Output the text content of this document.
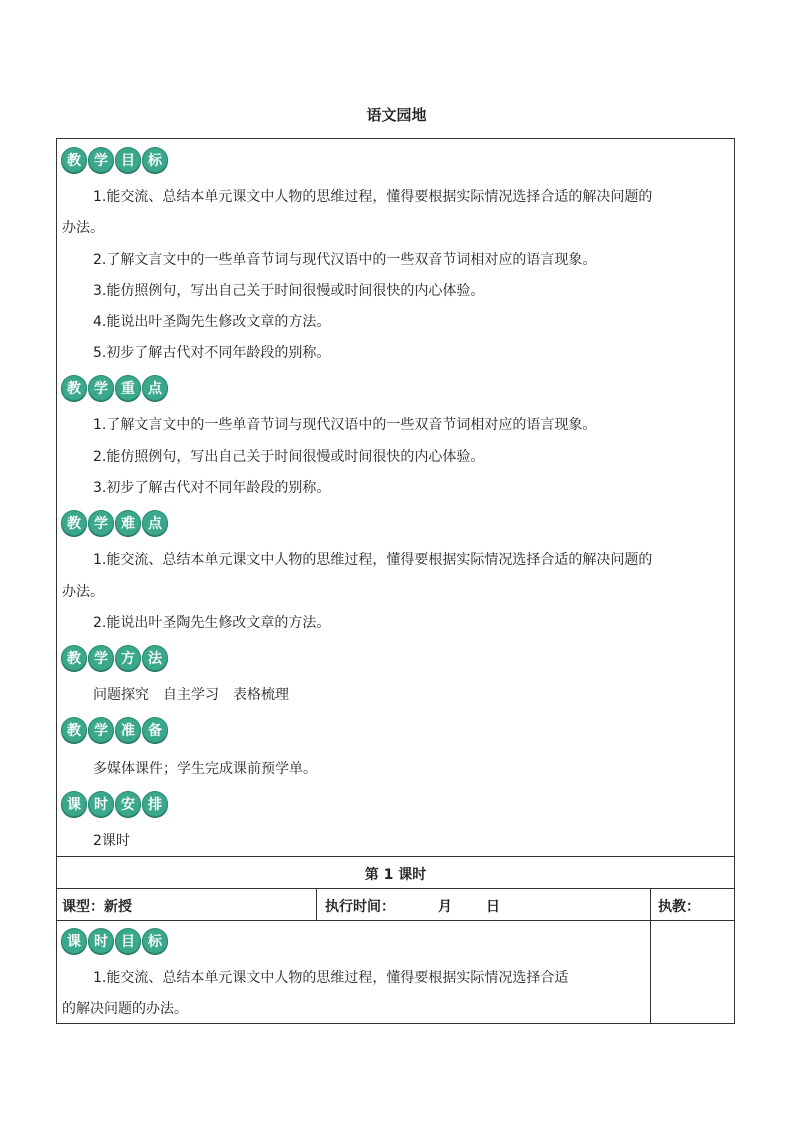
语文园地
教 学 目 标
1.能交流、总结本单元课文中人物的思维过程，懂得要根据实际情况选择合适的解决问题的
办法。
2.了解文言文中的一些单音节词与现代汉语中的一些双音节词相对应的语言现象。
3.能仿照例句，写出自己关于时间很慢或时间很快的内心体验。
4.能说出叶圣陶先生修改文章的方法。
5.初步了解古代对不同年龄段的别称。
教 学 重 点
1.了解文言文中的一些单音节词与现代汉语中的一些双音节词相对应的语言现象。
2.能仿照例句，写出自己关于时间很慢或时间很快的内心体验。
3.初步了解古代对不同年龄段的别称。
教 学 难 点
1.能交流、总结本单元课文中人物的思维过程，懂得要根据实际情况选择合适的解决问题的
办法。
2.能说出叶圣陶先生修改文章的方法。
教 学 方 法
问题探究　自主学习　表格梳理
教 学 准 备
多媒体课件；学生完成课前预学单。
课 时 安 排
2课时
第 1 课时
课型：新授	执行时间：	月 日	执教：
课 时 目 标
1.能交流、总结本单元课文中人物的思维过程，懂得要根据实际情况选择合适
的解决问题的办法。
